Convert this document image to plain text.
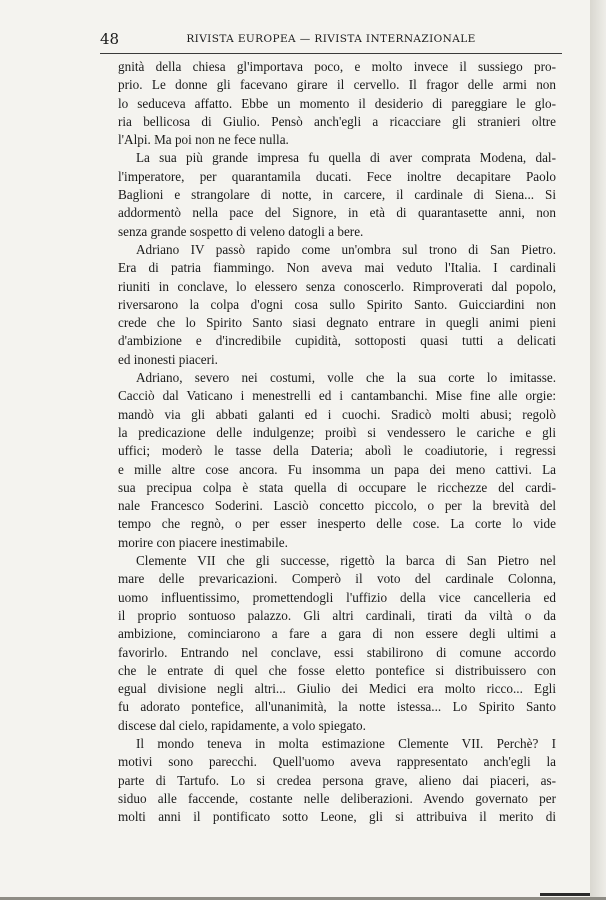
48	RIVISTA EUROPEA — RIVISTA INTERNAZIONALE
gnità della chiesa gl'importava poco, e molto invece il sussiego pro-
prio. Le donne gli facevano girare il cervello. Il fragor delle armi non
lo seduceva affatto. Ebbe un momento il desiderio di pareggiare le glo-
ria bellicosa di Giulio. Pensò anch'egli a ricacciare gli stranieri oltre
l'Alpi. Ma poi non ne fece nulla.
La sua più grande impresa fu quella di aver comprata Modena, dal-
l'imperatore, per quarantamila ducati. Fece inoltre decapitare Paolo
Baglioni e strangolare di notte, in carcere, il cardinale di Siena... Si
addormentò nella pace del Signore, in età di quarantasette anni, non
senza grande sospetto di veleno datogli a bere.
Adriano IV passò rapido come un'ombra sul trono di San Pietro.
Era di patria fiammingo. Non aveva mai veduto l'Italia. I cardinali
riuniti in conclave, lo elessero senza conoscerlo. Rimproverati dal popolo,
riversarono la colpa d'ogni cosa sullo Spirito Santo. Guicciardini non
crede che lo Spirito Santo siasi degnato entrare in quegli animi pieni
d'ambizione e d'incredibile cupidità, sottoposti quasi tutti a delicati
ed inonesti piaceri.
Adriano, severo nei costumi, volle che la sua corte lo imitasse.
Cacciò dal Vaticano i menestrelli ed i cantambanchi. Mise fine alle orgie:
mandò via gli abbati galanti ed i cuochi. Sradicò molti abusi; regolò
la predicazione delle indulgenze; proibì si vendessero le cariche e gli
uffici; moderò le tasse della Dateria; abolì le coadiutorie, i regressi
e mille altre cose ancora. Fu insomma un papa dei meno cattivi. La
sua precipua colpa è stata quella di occupare le ricchezze del cardi-
nale Francesco Soderini. Lasciò concetto piccolo, o per la brevità del
tempo che regnò, o per esser inesperto delle cose. La corte lo vide
morire con piacere inestimabile.
Clemente VII che gli successe, rigettò la barca di San Pietro nel
mare delle prevaricazioni. Comperò il voto del cardinale Colonna,
uomo influentissimo, promettendogli l'uffizio della vice cancelleria ed
il proprio sontuoso palazzo. Gli altri cardinali, tirati da viltà o da
ambizione, cominciarono a fare a gara di non essere degli ultimi a
favorirlo. Entrando nel conclave, essi stabilirono di comune accordo
che le entrate di quel che fosse eletto pontefice si distribuissero con
egual divisione negli altri... Giulio dei Medici era molto ricco... Egli
fu adorato pontefice, all'unanimità, la notte istessa... Lo Spirito Santo
discese dal cielo, rapidamente, a volo spiegato.
Il mondo teneva in molta estimazione Clemente VII. Perchè? I
motivi sono parecchi. Quell'uomo aveva rappresentato anch'egli la
parte di Tartufo. Lo si credea persona grave, alieno dai piaceri, as-
siduo alle faccende, costante nelle deliberazioni. Avendo governato per
molti anni il pontificato sotto Leone, gli si attribuiva il merito di
